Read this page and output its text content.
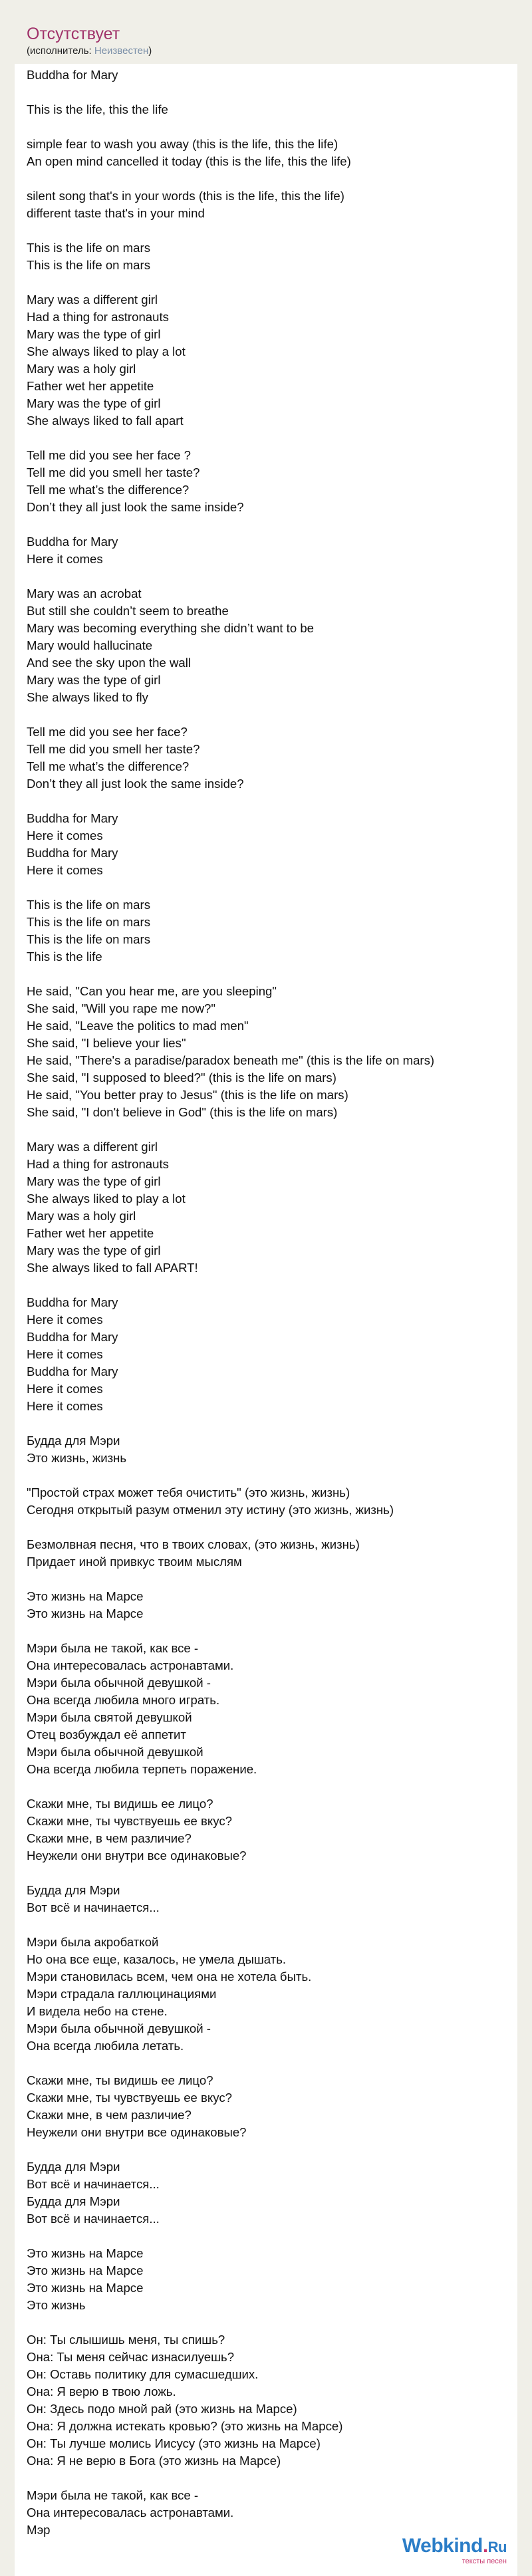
Отсутствует
(исполнитель: Неизвестен)
Buddha for Mary

This is the life, this the life

simple fear to wash you away (this is the life, this the life)
An open mind cancelled it today (this is the life, this the life)

silent song that's in your words (this is the life, this the life)
different taste that's in your mind

This is the life on mars
This is the life on mars

Mary was a different girl
Had a thing for astronauts
Mary was the type of girl
She always liked to play a lot
Mary was a holy girl
Father wet her appetite
Mary was the type of girl
She always liked to fall apart

Tell me did you see her face ?
Tell me did you smell her taste?
Tell me what’s the difference?
Don’t they all just look the same inside?

Buddha for Mary
Here it comes

Mary was an acrobat
But still she couldn’t seem to breathe
Mary was becoming everything she didn’t want to be
Mary would hallucinate
And see the sky upon the wall
Mary was the type of girl
She always liked to fly

Tell me did you see her face?
Tell me did you smell her taste?
Tell me what’s the difference?
Don’t they all just look the same inside?

Buddha for Mary
Here it comes
Buddha for Mary
Here it comes

This is the life on mars
This is the life on mars
This is the life on mars
This is the life

He said, "Can you hear me, are you sleeping"
She said, "Will you rape me now?"
He said, "Leave the politics to mad men"
She said, "I believe your lies"
He said, "There's a paradise/paradox beneath me" (this is the life on mars)
She said, "I supposed to bleed?" (this is the life on mars)
He said, "You better pray to Jesus" (this is the life on mars)
She said, "I don't believe in God" (this is the life on mars)

Mary was a different girl
Had a thing for astronauts
Mary was the type of girl
She always liked to play a lot
Mary was a holy girl
Father wet her appetite
Mary was the type of girl
She always liked to fall APART!

Buddha for Mary
Here it comes
Buddha for Mary
Here it comes
Buddha for Mary
Here it comes
Here it comes

Будда для Мэри
Это жизнь, жизнь

"Простой страх может тебя очистить" (это жизнь, жизнь)
Сегодня открытый разум отменил эту истину (это жизнь, жизнь)

Безмолвная песня, что в твоих словах, (это жизнь, жизнь)
Придает иной привкус твоим мыслям

Это жизнь на Марсе
Это жизнь на Марсе

Мэри была не такой, как все -
Она интересовалась астронавтами.
Мэри была обычной девушкой -
Она всегда любила много играть.
Мэри была святой девушкой
Отец возбуждал её аппетит
Мэри была обычной девушкой
Она всегда любила терпеть поражение.

Скажи мне, ты видишь ее лицо?
Скажи мне, ты чувствуешь ее вкус?
Скажи мне, в чем различие?
Неужели они внутри все одинаковые?

Будда для Мэри
Вот всё и начинается...

Мэри была акробаткой
Но она все еще, казалось, не умела дышать.
Мэри становилась всем, чем она не хотела быть.
Мэри страдала галлюцинациями
И видела небо на стене.
Мэри была обычной девушкой -
Она всегда любила летать.

Скажи мне, ты видишь ее лицо?
Скажи мне, ты чувствуешь ее вкус?
Скажи мне, в чем различие?
Неужели они внутри все одинаковые?

Будда для Мэри
Вот всё и начинается...
Будда для Мэри
Вот всё и начинается...

Это жизнь на Марсе
Это жизнь на Марсе
Это жизнь на Марсе
Это жизнь

Он: Ты слышишь меня, ты спишь?
Она: Ты меня сейчас изнасилуешь?
Он: Оставь политику для сумасшедших.
Она: Я верю в твою ложь.
Он: Здесь подо мной рай (это жизнь на Марсе)
Она: Я должна истекать кровью? (это жизнь на Марсе)
Он: Ты лучше молись Иисусу (это жизнь на Марсе)
Она: Я не верю в Бога (это жизнь на Марсе)

Мэри была не такой, как все -
Она интересовалась астронавтами.
Мэр
Webkind.Ru
тексты песен
